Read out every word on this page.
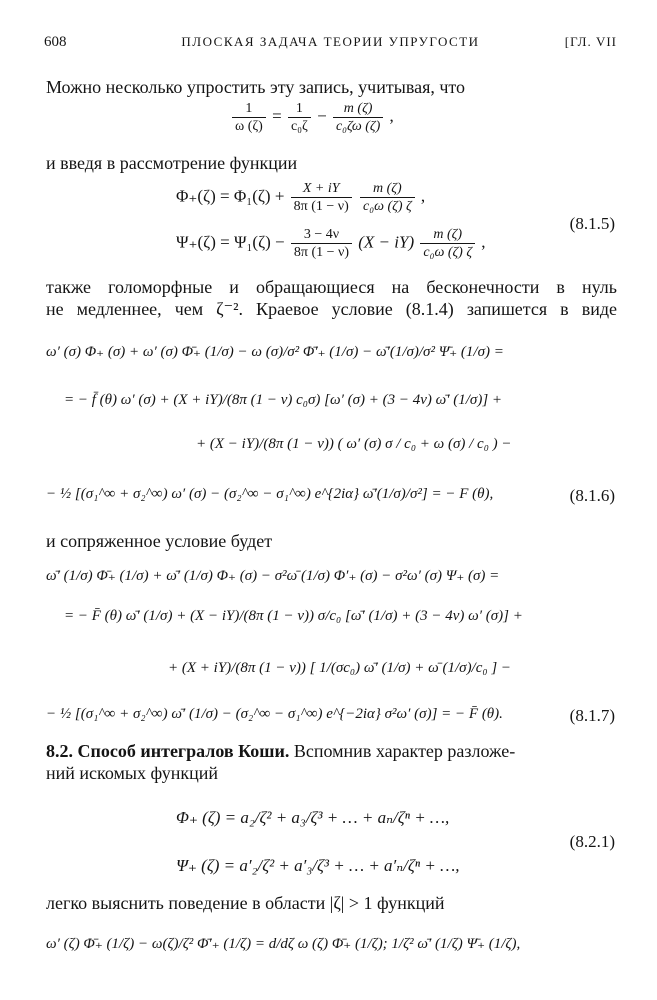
608	ПЛОСКАЯ ЗАДАЧА ТЕОРИИ УПРУГОСТИ	[ГЛ. VII
Можно несколько упростить эту запись, учитывая, что
$\frac{1}{\omega (\zeta)} = \frac{1}{\text{c₀ζ}} - \frac{m (\zeta)}{\text{c₀ζω (ζ)}}$ ,
и введя в рассмотрение функции
$\Phi_+(\zeta) = \Phi_1(\zeta) + \frac{X + iY}{8\pi (1 - \nu)}$
$\frac{m (\zeta)}{\text{c₀ω (ζ) ζ}}$ ,
$\Psi_+(\zeta) = \Psi_1(\zeta) - \frac{3 - 4\nu}{8\pi (1 - \nu)} (X - iY) \frac{m (\zeta)}{\text{c₀ω (ζ) ζ}}$ ,
(8.1.5)
также голоморфные и обращающиеся на бесконечности в нуль
не медленнее, чем ζ⁻². Краевое условие (8.1.4) запишется в виде
ω′ (σ) Φ₊ (σ) + ω′ (σ) Φ̄₊ (1/σ) − ω (σ)/σ² Φ̄′₊ (1/σ) − ω̄′(1/σ)/σ² Ψ̄₊ (1/σ) =
= − f̄ (θ) ω′ (σ) + (X + iY)/(8π (1 − ν) c₀σ) [ω′ (σ) + (3 − 4ν) ω̄′ (1/σ)] +
+ (X − iY)/(8π (1 − ν)) ( ω′ (σ) σ / c₀ + ω (σ) / c₀ ) −
− ½ [(σ₁^∞ + σ₂^∞) ω′ (σ) − (σ₂^∞ − σ₁^∞) e^{2iα} ω̄′(1/σ)/σ²] = − F (θ),	(8.1.6)
и сопряженное условие будет
ω̄′ (1/σ) Φ̄₊ (1/σ) + ω̄′ (1/σ) Φ₊ (σ) − σ²ω̄ (1/σ) Φ′₊ (σ) − σ²ω′ (σ) Ψ₊ (σ) =
= − F̄ (θ) ω̄′ (1/σ) + (X − iY)/(8π (1 − ν)) σ/c₀ [ω̄′ (1/σ) + (3 − 4ν) ω′ (σ)] +
+ (X + iY)/(8π (1 − ν)) [ 1/(σc₀) ω̄′ (1/σ) + ω̄ (1/σ)/c₀ ] −
− ½ [(σ₁^∞ + σ₂^∞) ω̄′ (1/σ) − (σ₂^∞ − σ₁^∞) e^{−2iα} σ²ω′ (σ)] = − F̄ (θ).	(8.1.7)
8.2. Способ интегралов Коши. Вспомнив характер разложе-
ний искомых функций
Φ₊ (ζ) = a₂/ζ² + a₃/ζ³ + … + aₙ/ζⁿ + …,
Ψ₊ (ζ) = a′₂/ζ² + a′₃/ζ³ + … + a′ₙ/ζⁿ + …,
(8.2.1)
легко выяснить поведение в области |ζ| > 1 функций
ω′ (ζ) Φ̄₊ (1/ζ) − ω(ζ)/ζ² Φ̄′₊ (1/ζ) = d/dζ ω (ζ) Φ̄₊ (1/ζ); 1/ζ² ω̄′ (1/ζ) Ψ̄₊ (1/ζ),
